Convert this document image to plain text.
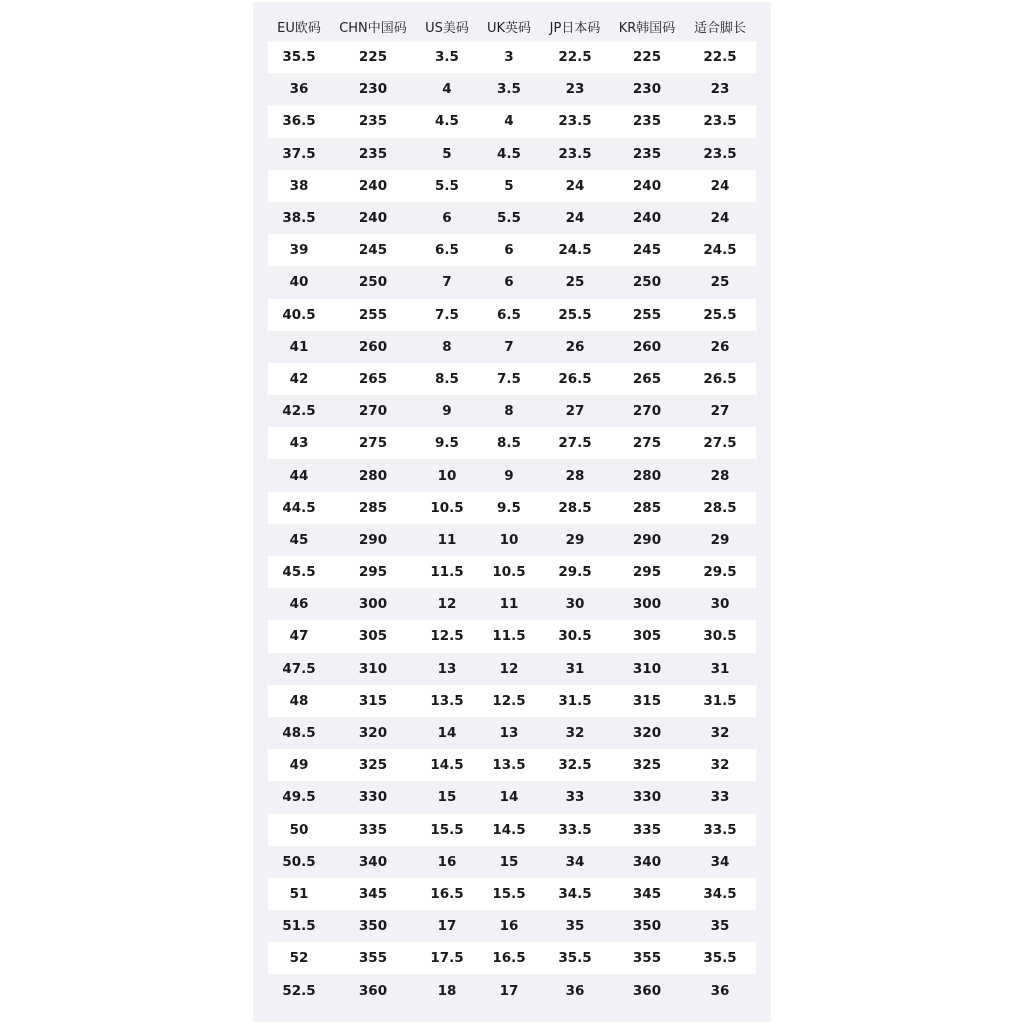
EU欧码	CHN中国码	US美码	UK英码	JP日本码	KR韩国码	适合脚长
35.5	225	3.5	3	22.5	225	22.5
36	230	4	3.5	23	230	23
36.5	235	4.5	4	23.5	235	23.5
37.5	235	5	4.5	23.5	235	23.5
38	240	5.5	5	24	240	24
38.5	240	6	5.5	24	240	24
39	245	6.5	6	24.5	245	24.5
40	250	7	6	25	250	25
40.5	255	7.5	6.5	25.5	255	25.5
41	260	8	7	26	260	26
42	265	8.5	7.5	26.5	265	26.5
42.5	270	9	8	27	270	27
43	275	9.5	8.5	27.5	275	27.5
44	280	10	9	28	280	28
44.5	285	10.5	9.5	28.5	285	28.5
45	290	11	10	29	290	29
45.5	295	11.5	10.5	29.5	295	29.5
46	300	12	11	30	300	30
47	305	12.5	11.5	30.5	305	30.5
47.5	310	13	12	31	310	31
48	315	13.5	12.5	31.5	315	31.5
48.5	320	14	13	32	320	32
49	325	14.5	13.5	32.5	325	32
49.5	330	15	14	33	330	33
50	335	15.5	14.5	33.5	335	33.5
50.5	340	16	15	34	340	34
51	345	16.5	15.5	34.5	345	34.5
51.5	350	17	16	35	350	35
52	355	17.5	16.5	35.5	355	35.5
52.5	360	18	17	36	360	36
